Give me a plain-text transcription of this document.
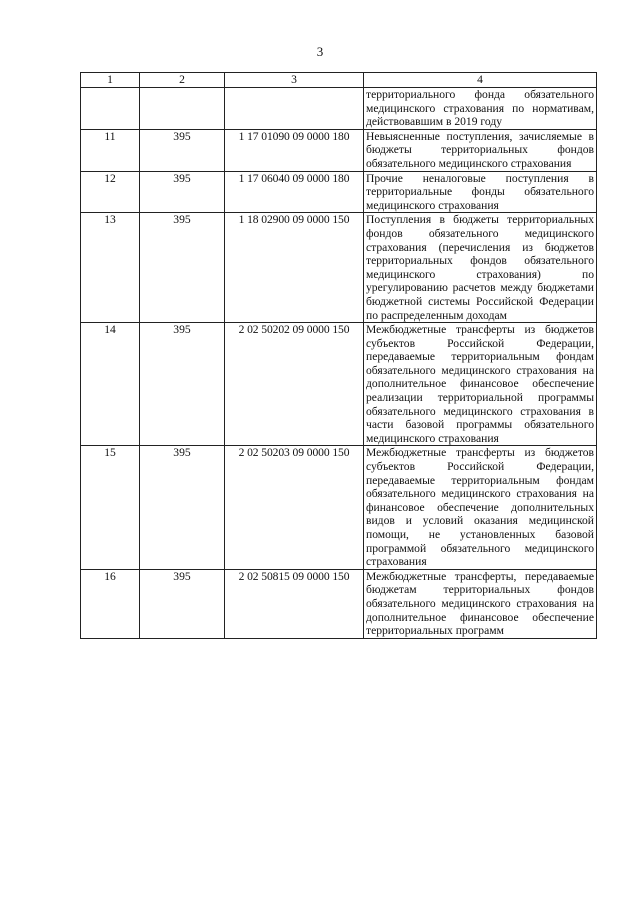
3
1	2	3	4
			территориального фонда обязательного медицинского страхования по нормативам, действовавшим в 2019 году
11	395	1 17 01090 09 0000 180	Невыясненные поступления, зачисляемые в бюджеты территориальных фондов обязательного медицинского страхования
12	395	1 17 06040 09 0000 180	Прочие неналоговые поступления в территориальные фонды обязательного медицинского страхования
13	395	1 18 02900 09 0000 150	Поступления в бюджеты территориальных фондов обязательного медицинского страхования (перечисления из бюджетов территориальных фондов обязательного медицинского страхования) по урегулированию расчетов между бюджетами бюджетной системы Российской Федерации по распределенным доходам
14	395	2 02 50202 09 0000 150	Межбюджетные трансферты из бюджетов субъектов Российской Федерации, передаваемые территориальным фондам обязательного медицинского страхования на дополнительное финансовое обеспечение реализации территориальной программы обязательного медицинского страхования в части базовой программы обязательного медицинского страхования
15	395	2 02 50203 09 0000 150	Межбюджетные трансферты из бюджетов субъектов Российской Федерации, передаваемые территориальным фондам обязательного медицинского страхования на финансовое обеспечение дополнительных видов и условий оказания медицинской помощи, не установленных базовой программой обязательного медицинского страхования
16	395	2 02 50815 09 0000 150	Межбюджетные трансферты, передаваемые бюджетам территориальных фондов обязательного медицинского страхования на дополнительное финансовое обеспечение территориальных программ
